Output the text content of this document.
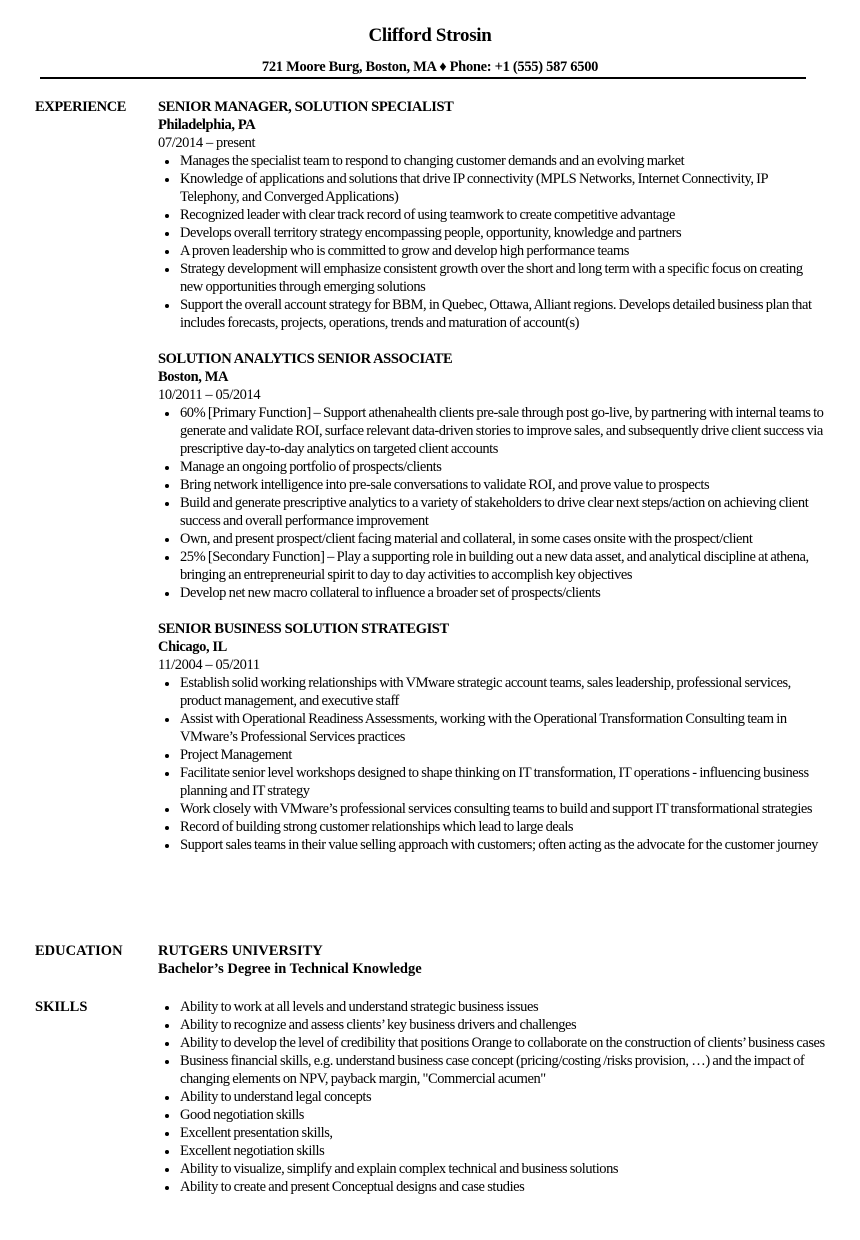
Clifford Strosin
721 Moore Burg, Boston, MA ♦ Phone: +1 (555) 587 6500
EXPERIENCE SENIOR MANAGER, SOLUTION SPECIALIST
Philadelphia, PA
07/2014 – present
Manages the specialist team to respond to changing customer demands and an evolving market
Knowledge of applications and solutions that drive IP connectivity (MPLS Networks, Internet Connectivity, IP Telephony, and Converged Applications)
Recognized leader with clear track record of using teamwork to create competitive advantage
Develops overall territory strategy encompassing people, opportunity, knowledge and partners
A proven leadership who is committed to grow and develop high performance teams
Strategy development will emphasize consistent growth over the short and long term with a specific focus on creating new opportunities through emerging solutions
Support the overall account strategy for BBM, in Quebec, Ottawa, Alliant regions. Develops detailed business plan that includes forecasts, projects, operations, trends and maturation of account(s)
SOLUTION ANALYTICS SENIOR ASSOCIATE
Boston, MA
10/2011 – 05/2014
60% [Primary Function] – Support athenahealth clients pre-sale through post go-live, by partnering with internal teams to generate and validate ROI, surface relevant data-driven stories to improve sales, and subsequently drive client success via prescriptive day-to-day analytics on targeted client accounts
Manage an ongoing portfolio of prospects/clients
Bring network intelligence into pre-sale conversations to validate ROI, and prove value to prospects
Build and generate prescriptive analytics to a variety of stakeholders to drive clear next steps/action on achieving client success and overall performance improvement
Own, and present prospect/client facing material and collateral, in some cases onsite with the prospect/client
25% [Secondary Function] – Play a supporting role in building out a new data asset, and analytical discipline at athena, bringing an entrepreneurial spirit to day to day activities to accomplish key objectives
Develop net new macro collateral to influence a broader set of prospects/clients
SENIOR BUSINESS SOLUTION STRATEGIST
Chicago, IL
11/2004 – 05/2011
Establish solid working relationships with VMware strategic account teams, sales leadership, professional services, product management, and executive staff
Assist with Operational Readiness Assessments, working with the Operational Transformation Consulting team in VMware’s Professional Services practices
Project Management
Facilitate senior level workshops designed to shape thinking on IT transformation, IT operations - influencing business planning and IT strategy
Work closely with VMware’s professional services consulting teams to build and support IT transformational strategies
Record of building strong customer relationships which lead to large deals
Support sales teams in their value selling approach with customers; often acting as the advocate for the customer journey
EDUCATION RUTGERS UNIVERSITY
Bachelor’s Degree in Technical Knowledge
SKILLS	Ability to work at all levels and understand strategic business issues
Ability to recognize and assess clients’ key business drivers and challenges
Ability to develop the level of credibility that positions Orange to collaborate on the construction of clients’ business cases
Business financial skills, e.g. understand business case concept (pricing/costing /risks provision, …) and the impact of changing elements on NPV, payback margin, "Commercial acumen"
Ability to understand legal concepts
Good negotiation skills
Excellent presentation skills,
Excellent negotiation skills
Ability to visualize, simplify and explain complex technical and business solutions
Ability to create and present Conceptual designs and case studies
